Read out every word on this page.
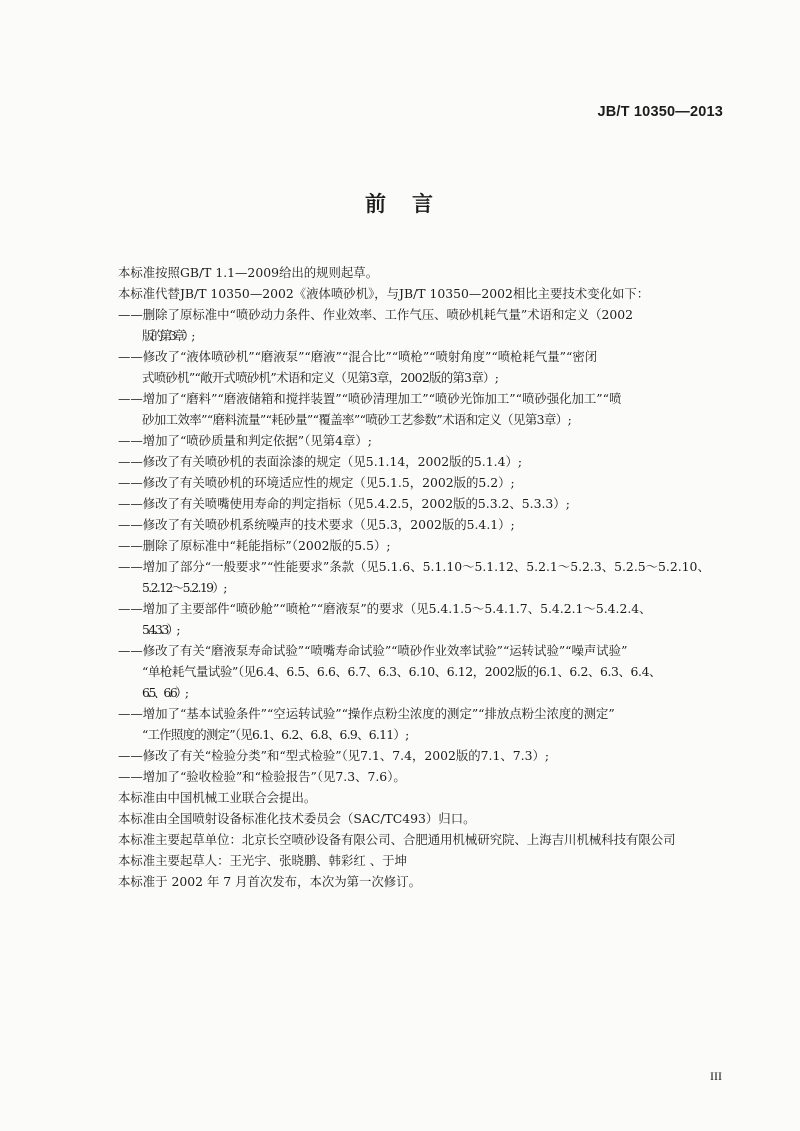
JB/T 10350—2013
前言
本标准按照GB/T 1.1—2009给出的规则起草。
本标准代替JB/T 10350—2002《液体喷砂机》，与JB/T 10350—2002相比主要技术变化如下：
——删除了原标准中“喷砂动力条件、作业效率、工作气压、喷砂机耗气量”术语和定义（2002
版的第3章）;
——修改了“液体喷砂机”“磨液泵”“磨液”“混合比”“喷枪”“喷射角度”“喷枪耗气量”“密闭
式喷砂机”“敞开式喷砂机”术语和定义（见第3章，2002版的第3章）;
——增加了“磨料”“磨液储箱和搅拌装置”“喷砂清理加工”“喷砂光饰加工”“喷砂强化加工”“喷
砂加工效率”“磨料流量”“耗砂量”“覆盖率”“喷砂工艺参数”术语和定义（见第3章）;
——增加了“喷砂质量和判定依据”（见第4章）;
——修改了有关喷砂机的表面涂漆的规定（见5.1.14，2002版的5.1.4）;
——修改了有关喷砂机的环境适应性的规定（见5.1.5，2002版的5.2）;
——修改了有关喷嘴使用寿命的判定指标（见5.4.2.5，2002版的5.3.2、5.3.3）;
——修改了有关喷砂机系统噪声的技术要求（见5.3，2002版的5.4.1）;
——删除了原标准中“耗能指标”（2002版的5.5）;
——增加了部分“一般要求”“性能要求”条款（见5.1.6、5.1.10～5.1.12、5.2.1～5.2.3、5.2.5～5.2.10、
5.2.12～5.2.19）;
——增加了主要部件“喷砂舱”“喷枪”“磨液泵”的要求（见5.4.1.5～5.4.1.7、5.4.2.1～5.4.2.4、
5.4.3.3）;
——修改了有关“磨液泵寿命试验”“喷嘴寿命试验”“喷砂作业效率试验”“运转试验”“噪声试验”
“单枪耗气量试验”（见6.4、6.5、6.6、6.7、6.3、6.10、6.12，2002版的6.1、6.2、6.3、6.4、
6.5、6.6）;
——增加了“基本试验条件”“空运转试验”“操作点粉尘浓度的测定”“排放点粉尘浓度的测定”
“工作照度的测定”（见6.1、6.2、6.8、6.9、6.11）;
——修改了有关“检验分类”和“型式检验”（见7.1、7.4，2002版的7.1、7.3）;
——增加了“验收检验”和“检验报告”（见7.3、7.6）。
本标准由中国机械工业联合会提出。
本标准由全国喷射设备标准化技术委员会（SAC/TC493）归口。
本标准主要起草单位：北京长空喷砂设备有限公司、合肥通用机械研究院、上海吉川机械科技有限公司
本标准主要起草人：王光宇、张晓鹏、韩彩红 、于坤
本标准于 2002 年 7 月首次发布，本次为第一次修订。
III
